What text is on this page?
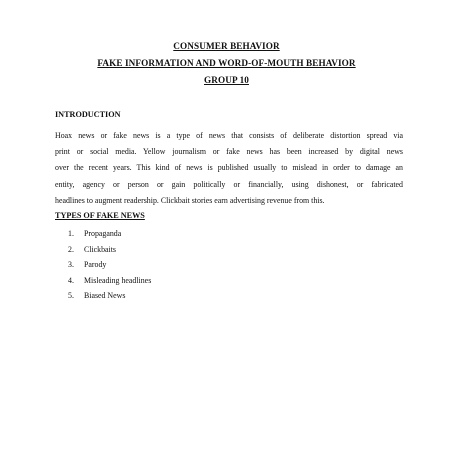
CONSUMER BEHAVIOR
FAKE INFORMATION AND WORD-OF-MOUTH BEHAVIOR
GROUP 10
INTRODUCTION
Hoax news or fake news is a type of news that consists of deliberate distortion spread via
print or social media. Yellow journalism or fake news has been increased by digital news
over the recent years. This kind of news is published usually to mislead in order to damage an
entity, agency or person or gain politically or financially, using dishonest, or fabricated
headlines to augment readership. Clickbait stories earn advertising revenue from this.
TYPES OF FAKE NEWS
1. Propaganda
2. Clickbaits
3. Parody
4. Misleading headlines
5. Biased News
